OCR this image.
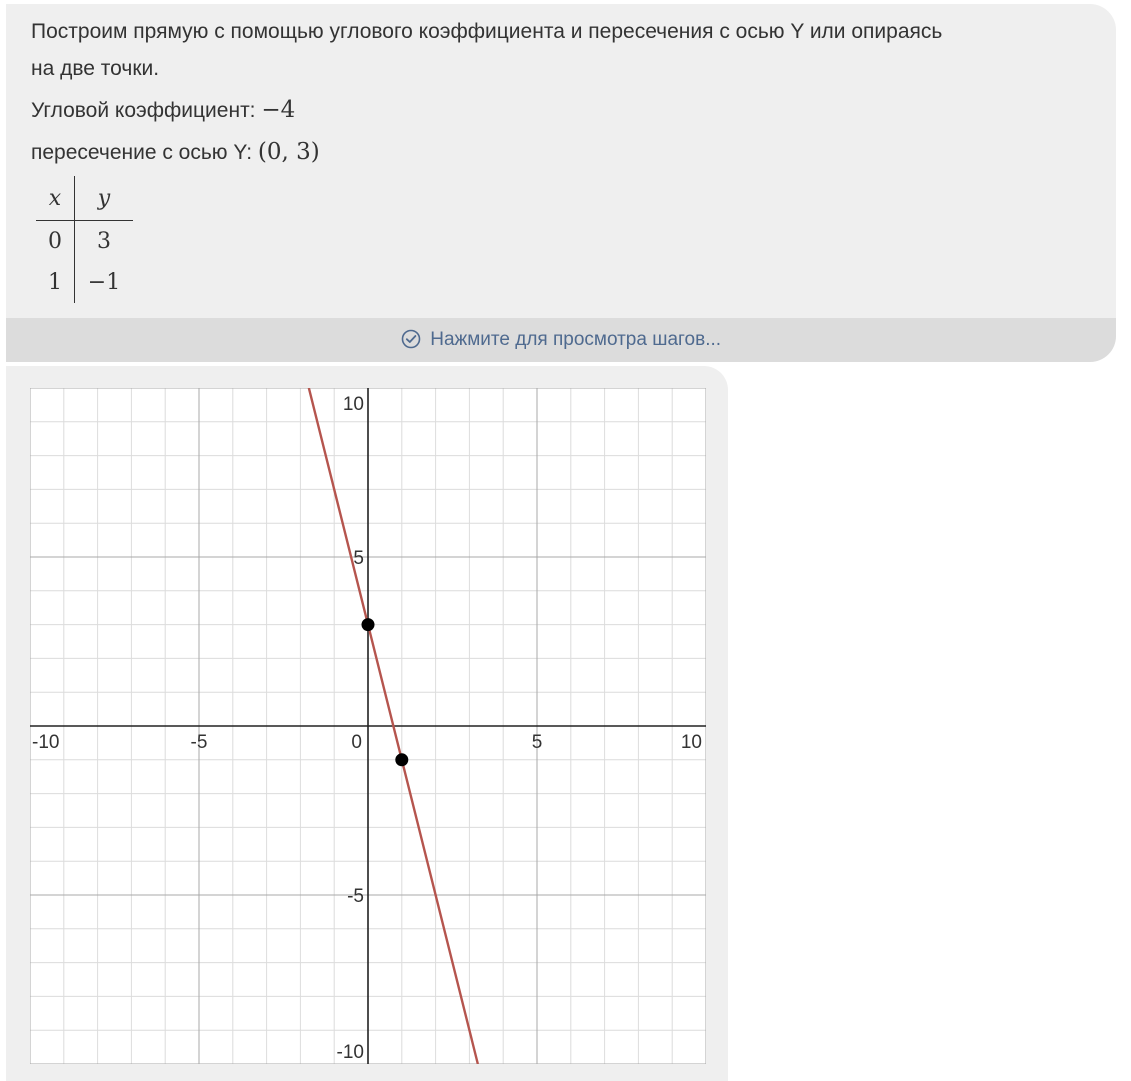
Построим прямую с помощью углового коэффициента и пересечения с осью Y или опираясь
на две точки.
Угловой коэффициент: −4
пересечение с осью Y: (0, 3)
x	y
0	3
1	−1
Нажмите для просмотра шагов...
-10	-5	0	5	10
10
5
-5
-10
